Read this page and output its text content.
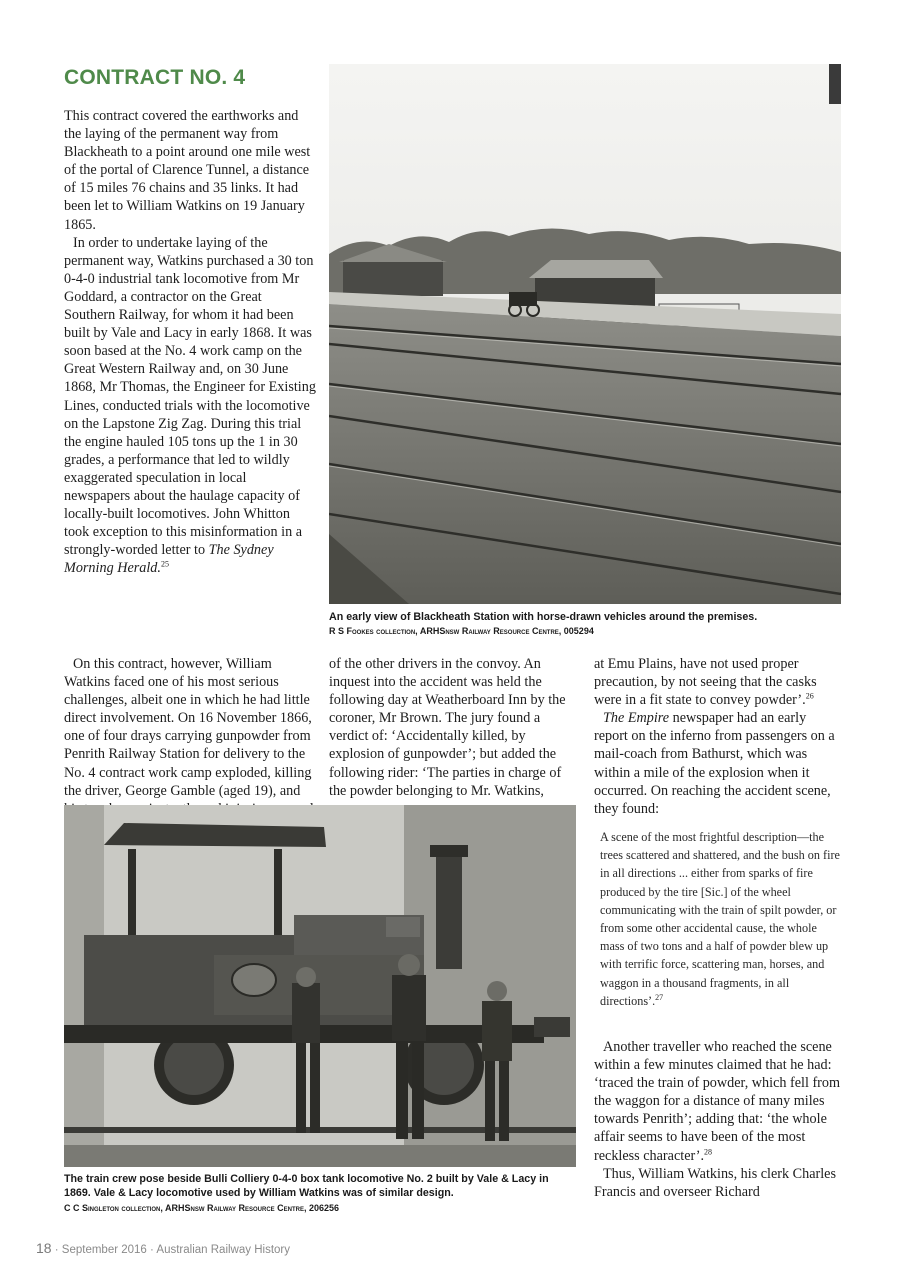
CONTRACT NO. 4

This contract covered the earthworks and the laying of the permanent way from Blackheath to a point around one mile west of the portal of Clarence Tunnel, a distance of 15 miles 76 chains and 35 links. It had been let to William Watkins on 19 January 1865.

In order to undertake laying of the permanent way, Watkins purchased a 30 ton 0-4-0 industrial tank locomotive from Mr Goddard, a contractor on the Great Southern Railway, for whom it had been built by Vale and Lacy in early 1868. It was soon based at the No. 4 work camp on the Great Western Railway and, on 30 June 1868, Mr Thomas, the Engineer for Existing Lines, conducted trials with the locomotive on the Lapstone Zig Zag. During this trial the engine hauled 105 tons up the 1 in 30 grades, a performance that led to wildly exaggerated speculation in local newspapers about the haulage capacity of locally-built locomotives. John Whitton took exception to this misinformation in a strongly-worded letter to The Sydney Morning Herald.$^{25}$

On this contract, however, William Watkins faced one of his most serious challenges, albeit one in which he had little direct involvement. On 16 November 1866, one of four drays carrying gunpowder from Penrith Railway Station for delivery to the No. 4 contract work camp exploded, killing the driver, George Gamble (aged 19), and

of the other drivers in the convoy. An inquest into the accident was held the following day at Weatherboard Inn by the coroner, Mr Brown. The jury found a verdict of: ‘Accidentally killed, by explosion of gunpowder’; but added the following rider: ‘The parties in charge of the powder belonging to Mr. Watkins,

at Emu Plains, have not used proper precaution, by not seeing that the casks were in a fit state to convey powder’.$^{26}$

The Empire newspaper had an early report on the inferno from passengers on a mail-coach from Bathurst, which was within a mile of the explosion when it occurred. On reaching the accident scene, they found:

A scene of the most frightful description—the trees scattered and shattered, and the bush on fire in all directions ... either from sparks of fire produced by the tire [Sic.] of the wheel communicating with the train of spilt powder, or from some other accidental cause, the whole mass of two tons and a half of powder blew up with terrific force, scattering man, horses, and waggon in a thousand fragments, in all directions’.$^{27}$

Another traveller who reached the scene within a few minutes claimed that he had: ‘traced the train of powder, which fell from the waggon for a distance of many miles towards Penrith’; adding that: ‘the whole affair seems to have been of the most reckless character’.$^{28}$

Thus, William Watkins, his clerk Charles Francis and overseer Richard

An early view of Blackheath Station with horse-drawn vehicles around the premises.

R S Fookes collection, ARHSnsw Railway Resource Centre, 005294

The train crew pose beside Bulli Colliery 0-4-0 box tank locomotive No. 2 built by Vale & Lacy in 1869. Vale & Lacy locomotive used by William Watkins was of similar design.

C C Singleton collection, ARHSnsw Railway Resource Centre, 206256

18 · September 2016 · Australian Railway History
